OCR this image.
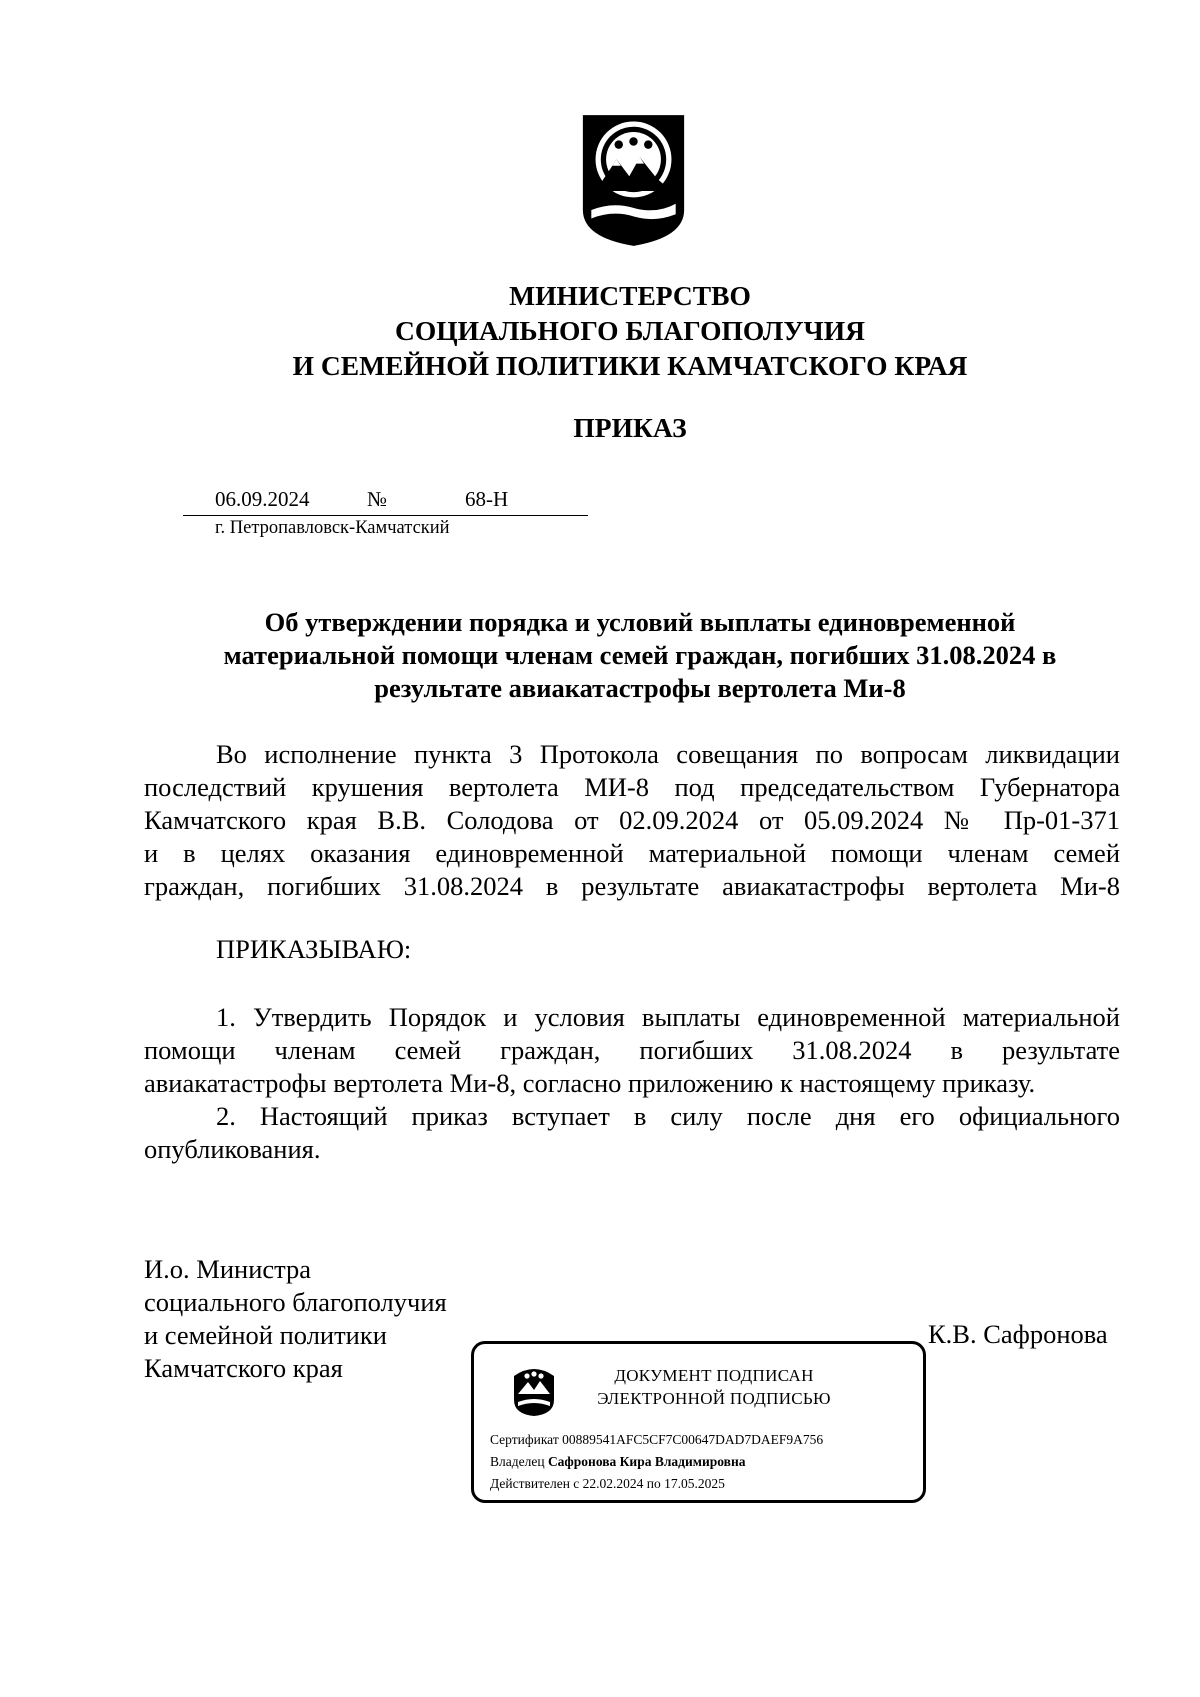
МИНИСТЕРСТВО
СОЦИАЛЬНОГО БЛАГОПОЛУЧИЯ
И СЕМЕЙНОЙ ПОЛИТИКИ КАМЧАТСКОГО КРАЯ
ПРИКАЗ
06.09.2024	№	68-Н
г. Петропавловск-Камчатский
Об утверждении порядка и условий выплаты единовременной
материальной помощи членам семей граждан, погибших 31.08.2024 в
результате авиакатастрофы вертолета Ми-8
Во исполнение пункта 3 Протокола совещания по вопросам ликвидации
последствий крушения вертолета МИ-8 под председательством Губернатора
Камчатского края В.В. Солодова от 02.09.2024 от 05.09.2024 № Пр-01-371
и в целях оказания единовременной материальной помощи членам семей
граждан, погибших 31.08.2024 в результате авиакатастрофы вертолета Ми-8
ПРИКАЗЫВАЮ:
1. Утвердить Порядок и условия выплаты единовременной материальной
помощи членам семей граждан, погибших 31.08.2024 в результате
авиакатастрофы вертолета Ми-8, согласно приложению к настоящему приказу.
2. Настоящий приказ вступает в силу после дня его официального
опубликования.
И.о. Министра
социального благополучия
и семейной политики
Камчатского края
К.В. Сафронова
ДОКУМЕНТ ПОДПИСАН
ЭЛЕКТРОННОЙ ПОДПИСЬЮ
Сертификат 00889541AFC5CF7C00647DAD7DAEF9A756
Владелец Сафронова Кира Владимировна
Действителен с 22.02.2024 по 17.05.2025
